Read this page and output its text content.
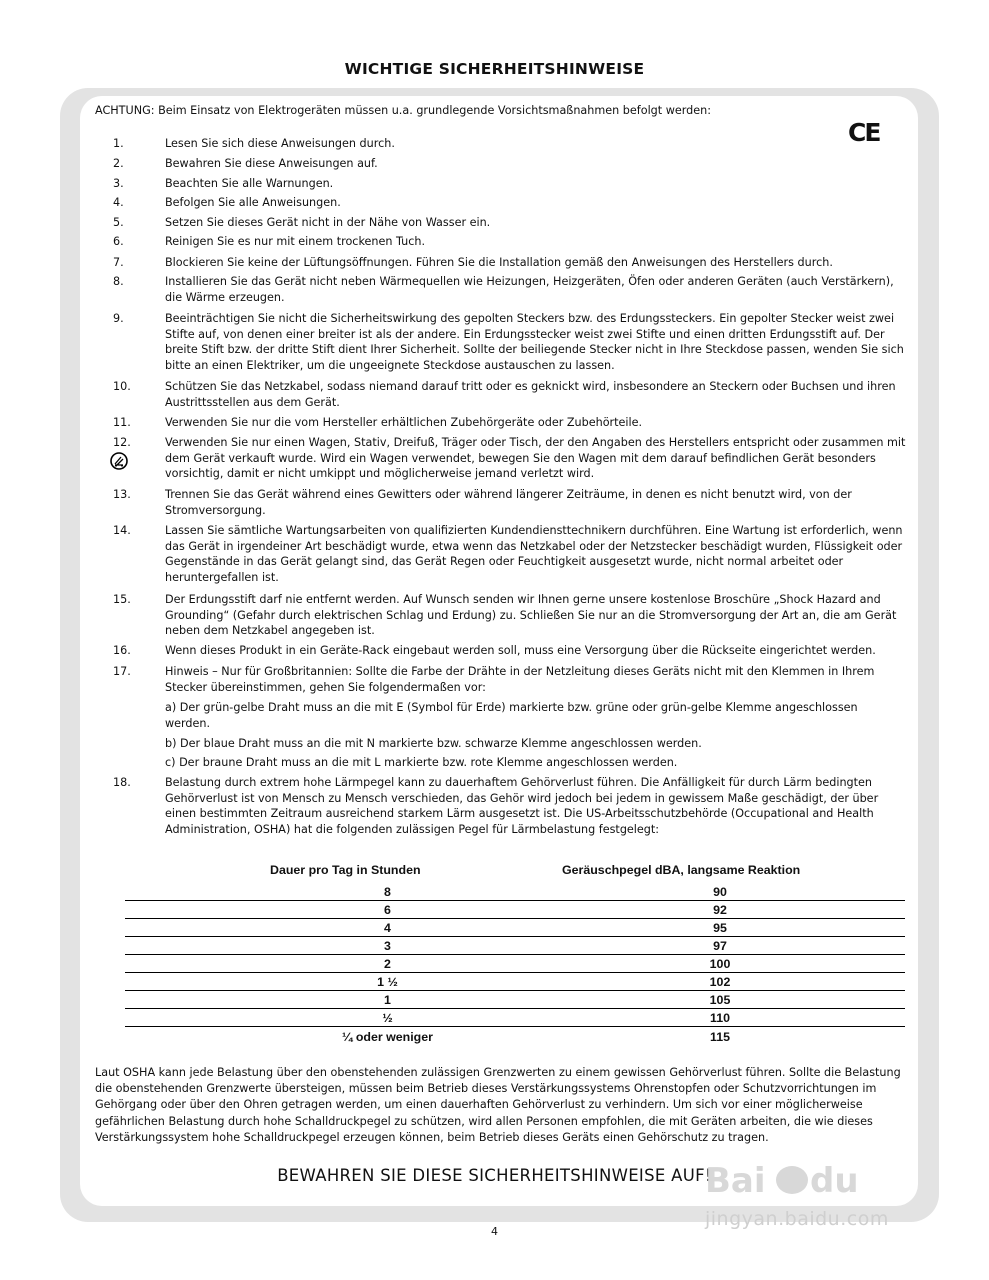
WICHTIGE SICHERHEITSHINWEISE
CE
ACHTUNG: Beim Einsatz von Elektrogeräten müssen u.a. grundlegende Vorsichtsmaßnahmen befolgt werden:
1.	Lesen Sie sich diese Anweisungen durch.
2.	Bewahren Sie diese Anweisungen auf.
3.	Beachten Sie alle Warnungen.
4.	Befolgen Sie alle Anweisungen.
5.	Setzen Sie dieses Gerät nicht in der Nähe von Wasser ein.
6.	Reinigen Sie es nur mit einem trockenen Tuch.
7.	Blockieren Sie keine der Lüftungsöffnungen. Führen Sie die Installation gemäß den Anweisungen des Herstellers durch.
8.	Installieren Sie das Gerät nicht neben Wärmequellen wie Heizungen, Heizgeräten, Öfen oder anderen Geräten (auch Verstärkern), die Wärme erzeugen.
9.	Beeinträchtigen Sie nicht die Sicherheitswirkung des gepolten Steckers bzw. des Erdungssteckers. Ein gepolter Stecker weist zwei Stifte auf, von denen einer breiter ist als der andere. Ein Erdungsstecker weist zwei Stifte und einen dritten Erdungsstift auf. Der breite Stift bzw. der dritte Stift dient Ihrer Sicherheit. Sollte der beiliegende Stecker nicht in Ihre Steckdose passen, wenden Sie sich bitte an einen Elektriker, um die ungeeignete Steckdose austauschen zu lassen.
10.	Schützen Sie das Netzkabel, sodass niemand darauf tritt oder es geknickt wird, insbesondere an Steckern oder Buchsen und ihren Austrittsstellen aus dem Gerät.
11.	Verwenden Sie nur die vom Hersteller erhältlichen Zubehörgeräte oder Zubehörteile.
12.	Verwenden Sie nur einen Wagen, Stativ, Dreifuß, Träger oder Tisch, der den Angaben des Herstellers entspricht oder zusammen mit dem Gerät verkauft wurde. Wird ein Wagen verwendet, bewegen Sie den Wagen mit dem darauf befindlichen Gerät besonders vorsichtig, damit er nicht umkippt und möglicherweise jemand verletzt wird.
13.	Trennen Sie das Gerät während eines Gewitters oder während längerer Zeiträume, in denen es nicht benutzt wird, von der Stromversorgung.
14.	Lassen Sie sämtliche Wartungsarbeiten von qualifizierten Kundendiensttechnikern durchführen. Eine Wartung ist erforderlich, wenn das Gerät in irgendeiner Art beschädigt wurde, etwa wenn das Netzkabel oder der Netzstecker beschädigt wurden, Flüssigkeit oder Gegenstände in das Gerät gelangt sind, das Gerät Regen oder Feuchtigkeit ausgesetzt wurde, nicht normal arbeitet oder heruntergefallen ist.
15.	Der Erdungsstift darf nie entfernt werden. Auf Wunsch senden wir Ihnen gerne unsere kostenlose Broschüre „Shock Hazard and Grounding“ (Gefahr durch elektrischen Schlag und Erdung) zu. Schließen Sie nur an die Stromversorgung der Art an, die am Gerät neben dem Netzkabel angegeben ist.
16.	Wenn dieses Produkt in ein Geräte-Rack eingebaut werden soll, muss eine Versorgung über die Rückseite eingerichtet werden.
17.	Hinweis – Nur für Großbritannien: Sollte die Farbe der Drähte in der Netzleitung dieses Geräts nicht mit den Klemmen in Ihrem Stecker übereinstimmen, gehen Sie folgendermaßen vor:
a) Der grün-gelbe Draht muss an die mit E (Symbol für Erde) markierte bzw. grüne oder grün-gelbe Klemme angeschlossen werden.
b) Der blaue Draht muss an die mit N markierte bzw. schwarze Klemme angeschlossen werden.
c) Der braune Draht muss an die mit L markierte bzw. rote Klemme angeschlossen werden.
18.	Belastung durch extrem hohe Lärmpegel kann zu dauerhaftem Gehörverlust führen. Die Anfälligkeit für durch Lärm bedingten Gehörverlust ist von Mensch zu Mensch verschieden, das Gehör wird jedoch bei jedem in gewissem Maße geschädigt, der über einen bestimmten Zeitraum ausreichend starkem Lärm ausgesetzt ist. Die US-Arbeitsschutzbehörde (Occupational and Health Administration, OSHA) hat die folgenden zulässigen Pegel für Lärmbelastung festgelegt:
Dauer pro Tag in Stunden	Geräuschpegel dBA, langsame Reaktion
8	90
6	92
4	95
3	97
2	100
1 ½	102
1	105
½	110
¼ oder weniger	115
Laut OSHA kann jede Belastung über den obenstehenden zulässigen Grenzwerten zu einem gewissen Gehörverlust führen. Sollte die Belastung die obenstehenden Grenzwerte übersteigen, müssen beim Betrieb dieses Verstärkungssystems Ohrenstopfen oder Schutzvorrichtungen im Gehörgang oder über den Ohren getragen werden, um einen dauerhaften Gehörverlust zu verhindern. Um sich vor einer möglicherweise gefährlichen Belastung durch hohe Schalldruckpegel zu schützen, wird allen Personen empfohlen, die mit Geräten arbeiten, die wie dieses Verstärkungssystem hohe Schalldruckpegel erzeugen können, beim Betrieb dieses Geräts einen Gehörschutz zu tragen.
BEWAHREN SIE DIESE SICHERHEITSHINWEISE AUF!
4
Bai du
jingyan.baidu.com
